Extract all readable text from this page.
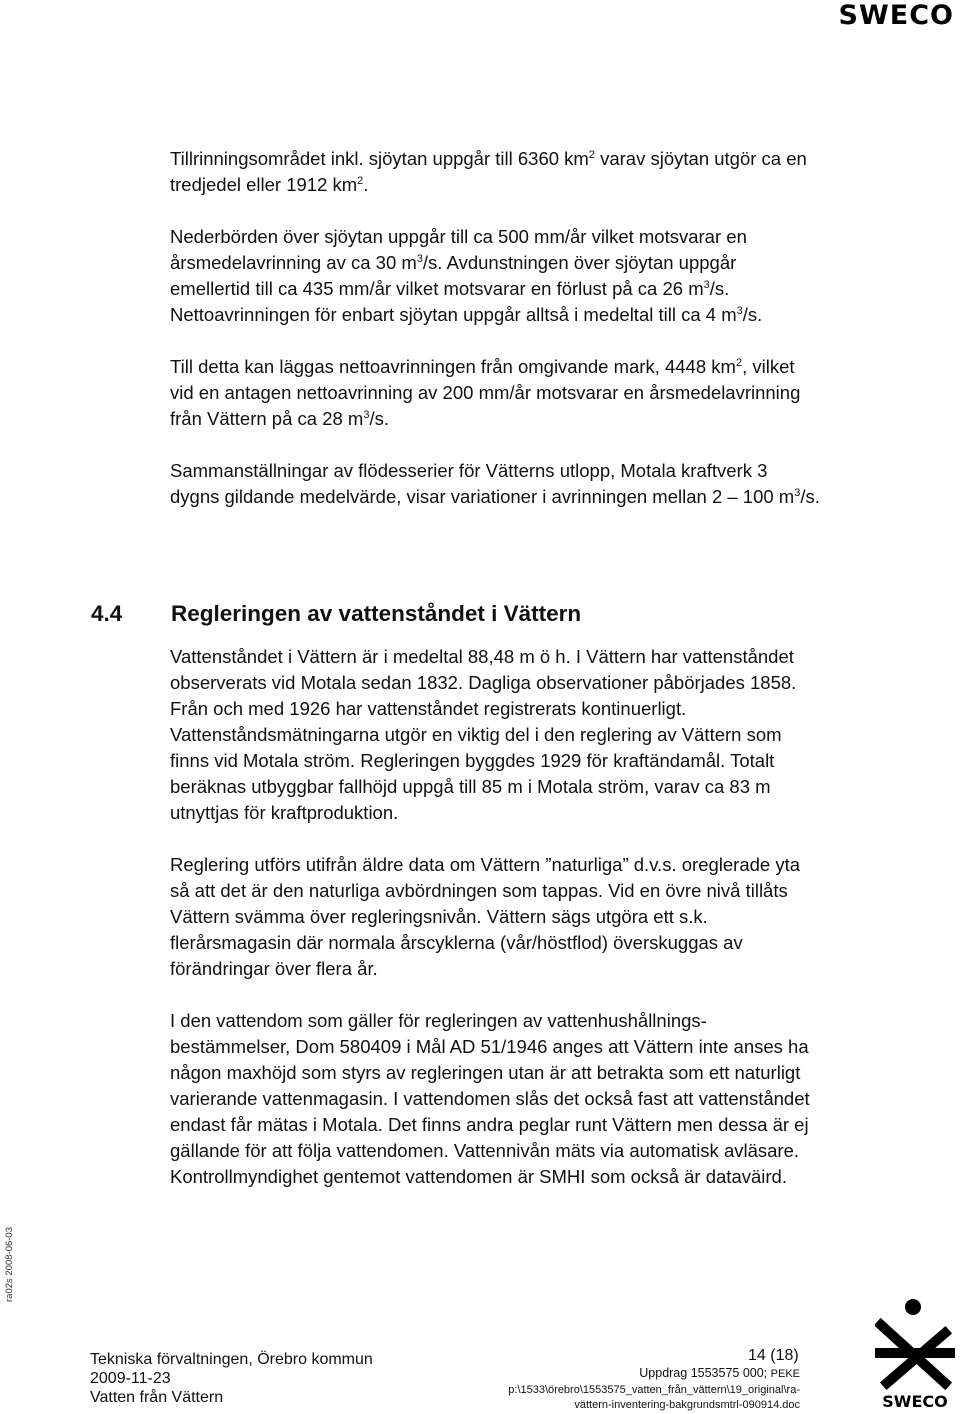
SWECO

Tillrinningsområdet inkl. sjöytan uppgår till 6360 $km^2$ varav sjöytan utgör ca en tredjedel eller 1912 $km^2$.

Nederbörden över sjöytan uppgår till ca 500 mm/år vilket motsvarar en årsmedelavrinning av ca 30 $m^3/s$. Avdunstningen över sjöytan uppgår emellertid till ca 435 mm/år vilket motsvarar en förlust på ca 26 $m^3/s$. Nettoavrinningen för enbart sjöytan uppgår alltså i medeltal till ca 4 $m^3/s$.

Till detta kan läggas nettoavrinningen från omgivande mark, 4448 $km^2$, vilket vid en antagen nettoavrinning av 200 mm/år motsvarar en årsmedelavrinning från Vättern på ca 28 $m^3/s$.

Sammanställningar av flödesserier för Vätterns utlopp, Motala kraftverk 3 dygns gildande medelvärde, visar variationer i avrinningen mellan 2 – 100 $m^3/s$.

4.4 Regleringen av vattenståndet i Vättern

Vattenståndet i Vättern är i medeltal 88,48 m ö h. I Vättern har vattenståndet observerats vid Motala sedan 1832. Dagliga observationer påbörjades 1858. Från och med 1926 har vattenståndet registrerats kontinuerligt. Vattenståndsmätningarna utgör en viktig del i den reglering av Vättern som finns vid Motala ström. Regleringen byggdes 1929 för kraftändamål. Totalt beräknas utbyggbar fallhöjd uppgå till 85 m i Motala ström, varav ca 83 m utnyttjas för kraftproduktion.

Reglering utförs utifrån äldre data om Vättern ”naturliga” d.v.s. oreglerade yta så att det är den naturliga avbördningen som tappas. Vid en övre nivå tillåts Vättern svämma över regleringsnivån. Vättern sägs utgöra ett s.k. flerårsmagasin där normala årscyklerna (vår/höstflod) överskuggas av förändringar över flera år.

I den vattendom som gäller för regleringen av vattenhushållnings-bestämmelser, Dom 580409 i Mål AD 51/1946 anges att Vättern inte anses ha någon maxhöjd som styrs av regleringen utan är att betrakta som ett naturligt varierande vattenmagasin. I vattendomen slås det också fast att vattenståndet endast får mätas i Motala. Det finns andra peglar runt Vättern men dessa är ej gällande för att följa vattendomen. Vattennivån mäts via automatisk avläsare. Kontrollmyndighet gentemot vattendomen är SMHI som också är dataväird.

ra02s 2008-06-03
Tekniska förvaltningen, Örebro kommun
2009-11-23
Vatten från Vättern
14 (18)
Uppdrag 1553575 000; PEKE
p:\1533\örebro\1553575_vatten_från_vättern\19_original\ra-
vättern-inventering-bakgrundsmtrl-090914.doc	SWECO
